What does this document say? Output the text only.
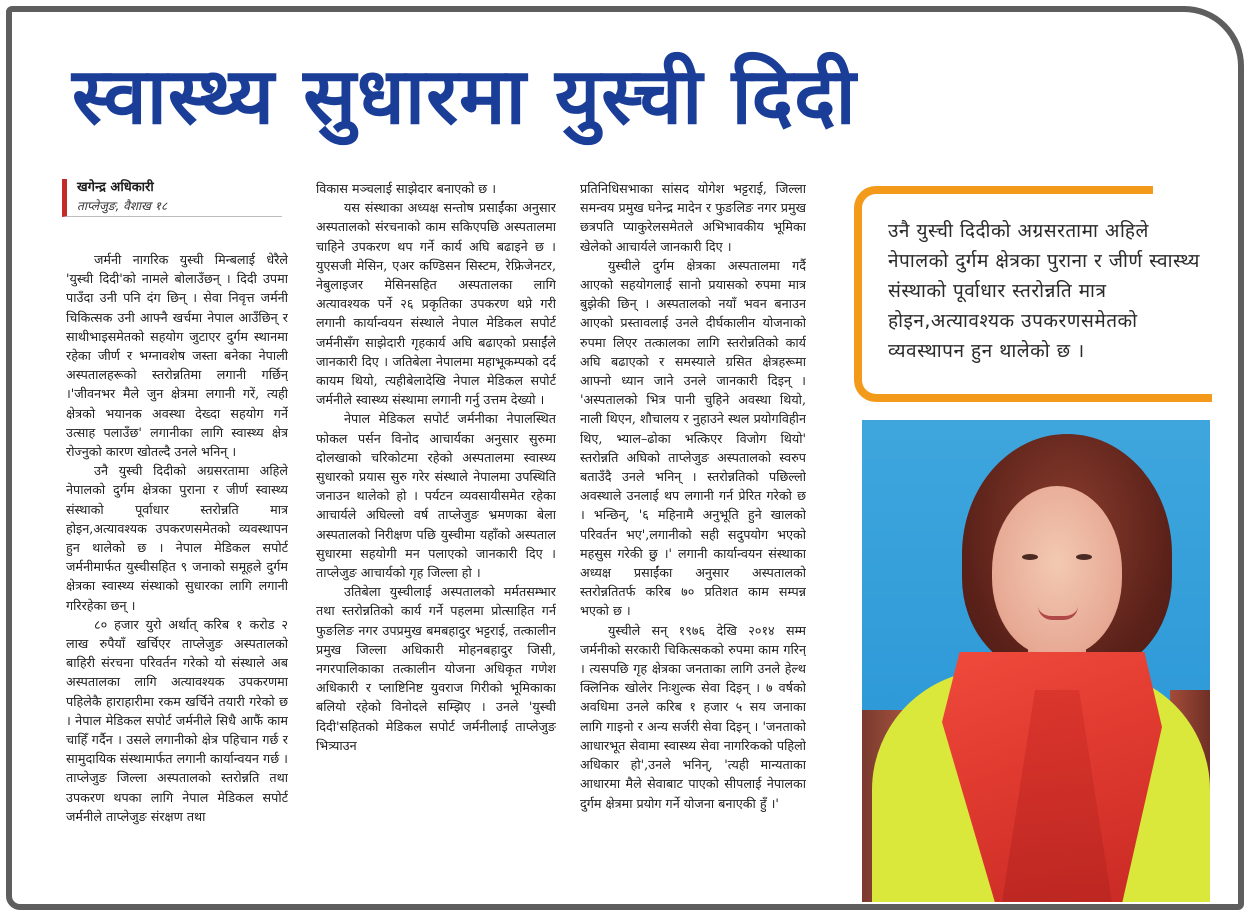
स्वास्थ्य सुधारमा युस्ची दिदी
खगेन्द्र अधिकारी
ताप्लेजुङ, वैशाख १८

जर्मनी नागरिक युस्ची मिन्बलाई धेरैले 'युस्ची दिदी'को नामले बोलाउँछन् । दिदी उपमा पाउँदा उनी पनि दंग छिन् । सेवा निवृत्त जर्मनी चिकित्सक उनी आफ्नै खर्चमा नेपाल आउँछिन् र साथीभाइसमेतको सहयोग जुटाएर दुर्गम स्थानमा रहेका जीर्ण र भग्नावशेष जस्ता बनेका नेपाली अस्पतालहरूको स्तरोन्नतिमा लगानी गर्छिन् ।'जीवनभर मैले जुन क्षेत्रमा लगानी गरें, त्यही क्षेत्रको भयानक अवस्था देख्दा सहयोग गर्ने उत्साह पलाउँछ' लगानीका लागि स्वास्थ्य क्षेत्र रोज्नुको कारण खोतल्दै उनले भनिन् ।

उनै युस्ची दिदीको अग्रसरतामा अहिले नेपालको दुर्गम क्षेत्रका पुराना र जीर्ण स्वास्थ्य संस्थाको पूर्वाधार स्तरोन्नति मात्र होइन,अत्यावश्यक उपकरणसमेतको व्यवस्थापन हुन थालेको छ । नेपाल मेडिकल सपोर्ट जर्मनीमार्फत युस्चीसहित ९ जनाको समूहले दुर्गम क्षेत्रका स्वास्थ्य संस्थाको सुधारका लागि लगानी गरिरहेका छन् ।

८० हजार युरो अर्थात् करिब १ करोड २ लाख रुपैयाँ खर्चिएर ताप्लेजुङ अस्पतालको बाहिरी संरचना परिवर्तन गरेको यो संस्थाले अब अस्पतालका लागि अत्यावश्यक उपकरणमा पहिलेकै हाराहारीमा रकम खर्चिने तयारी गरेको छ । नेपाल मेडिकल सपोर्ट जर्मनीले सिधै आफैं काम चाहिँ गर्दैन । उसले लगानीको क्षेत्र पहिचान गर्छ र सामुदायिक संस्थामार्फत लगानी कार्यान्वयन गर्छ । ताप्लेजुङ जिल्ला अस्पतालको स्तरोन्नति तथा उपकरण थपका लागि नेपाल मेडिकल सपोर्ट जर्मनीले ताप्लेजुङ संरक्षण तथा

विकास मञ्चलाई साझेदार बनाएको छ ।

यस संस्थाका अध्यक्ष सन्तोष प्रसाईंका अनुसार अस्पतालको संरचनाको काम सकिएपछि अस्पतालमा चाहिने उपकरण थप गर्ने कार्य अघि बढाइने छ । युएसजी मेसिन, एअर कण्डिसन सिस्टम, रेफ्रिजेनटर, नेबुलाइजर मेसिनसहित अस्पतालका लागि अत्यावश्यक पर्ने २६ प्रकृतिका उपकरण थप्ने गरी लगानी कार्यान्वयन संस्थाले नेपाल मेडिकल सपोर्ट जर्मनीसँग साझेदारी गृहकार्य अघि बढाएको प्रसाईंले जानकारी दिए । जतिबेला नेपालमा महाभूकम्पको दर्द कायम थियो, त्यहीबेलादेखि नेपाल मेडिकल सपोर्ट जर्मनीले स्वास्थ्य संस्थामा लगानी गर्नु उत्तम देख्यो ।

नेपाल मेडिकल सपोर्ट जर्मनीका नेपालस्थित फोकल पर्सन विनोद आचार्यका अनुसार सुरुमा दोलखाको चरिकोटमा रहेको अस्पतालमा स्वास्थ्य सुधारको प्रयास सुरु गरेर संस्थाले नेपालमा उपस्थिति जनाउन थालेको हो । पर्यटन व्यवसायीसमेत रहेका आचार्यले अघिल्लो वर्ष ताप्लेजुङ भ्रमणका बेला अस्पतालको निरीक्षण पछि युस्चीमा यहाँको अस्पताल सुधारमा सहयोगी मन पलाएको जानकारी दिए । ताप्लेजुङ आचार्यको गृह जिल्ला हो ।

उतिबेला युस्चीलाई अस्पतालको मर्मतसम्भार तथा स्तरोन्नतिको कार्य गर्ने पहलमा प्रोत्साहित गर्न फुङलिङ नगर उपप्रमुख बमबहादुर भट्टराई, तत्कालीन प्रमुख जिल्ला अधिकारी मोहनबहादुर जिसी, नगरपालिकाका तत्कालीन योजना अधिकृत गणेश अधिकारी र प्लाष्टिनिष्ट युवराज गिरीको भूमिकाका बलियो रहेको विनोदले सम्झिए । उनले 'युस्ची दिदी'सहितको मेडिकल सपोर्ट जर्मनीलाई ताप्लेजुङ भित्र्याउन

प्रतिनिधिसभाका सांसद योगेश भट्टराई, जिल्ला समन्वय प्रमुख घनेन्द्र मादेन र फुङलिङ नगर प्रमुख छत्रपति प्याकुरेलसमेतले अभिभावकीय भूमिका खेलेको आचार्यले जानकारी दिए ।

युस्चीले दुर्गम क्षेत्रका अस्पतालमा गर्दै आएको सहयोगलाई सानो प्रयासको रुपमा मात्र बुझेकी छिन् । अस्पतालको नयाँ भवन बनाउन आएको प्रस्तावलाई उनले दीर्घकालीन योजनाको रुपमा लिएर तत्कालका लागि स्तरोन्नतिको कार्य अघि बढाएको र समस्याले ग्रसित क्षेत्रहरूमा आफ्नो ध्यान जाने उनले जानकारी दिइन् । 'अस्पतालको भित्र पानी चुहिने अवस्था थियो, नाली थिएन, शौचालय र नुहाउने स्थल प्रयोगविहीन थिए, भ्याल–ढोका भत्किएर विजोग थियो' स्तरोन्नति अघिको ताप्लेजुङ अस्पतालको स्वरुप बताउँदै उनले भनिन् । स्तरोन्नतिको पछिल्लो अवस्थाले उनलाई थप लगानी गर्न प्रेरित गरेको छ । भन्छिन्, '६ महिनामै अनुभूति हुने खालको परिवर्तन भए',लगानीको सही सदुपयोग भएको महसुस गरेकी छु ।' लगानी कार्यान्वयन संस्थाका अध्यक्ष प्रसाईंका अनुसार अस्पतालको स्तरोन्नतितर्फ करिब ७० प्रतिशत काम सम्पन्न भएको छ ।

युस्चीले सन् १९७६ देखि २०१४ सम्म जर्मनीको सरकारी चिकित्सकको रुपमा काम गरिन् । त्यसपछि गृह क्षेत्रका जनताका लागि उनले हेल्थ क्लिनिक खोलेर निःशुल्क सेवा दिइन् । ७ वर्षको अवधिमा उनले करिब १ हजार ५ सय जनाका लागि गाइनो र अन्य सर्जरी सेवा दिइन् । 'जनताको आधारभूत सेवामा स्वास्थ्य सेवा नागरिकको पहिलो अधिकार हो',उनले भनिन्, 'त्यही मान्यताका आधारमा मैले सेवाबाट पाएको सीपलाई नेपालका दुर्गम क्षेत्रमा प्रयोग गर्ने योजना बनाएकी हुँ ।'

उनै युस्ची दिदीको अग्रसरतामा अहिले नेपालको दुर्गम क्षेत्रका पुराना र जीर्ण स्वास्थ्य संस्थाको पूर्वाधार स्तरोन्नति मात्र होइन,अत्यावश्यक उपकरणसमेतको व्यवस्थापन हुन थालेको छ ।
